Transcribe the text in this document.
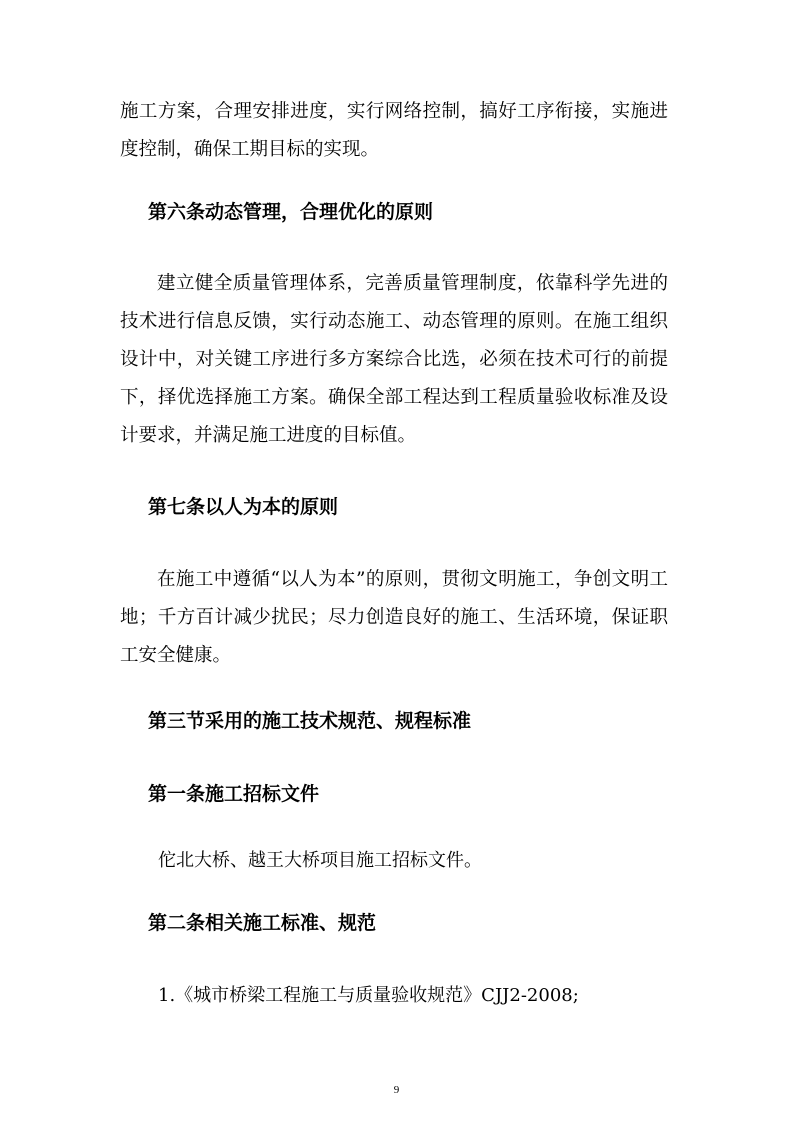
施工方案，合理安排进度，实行网络控制，搞好工序衔接，实施进度控制，确保工期目标的实现。

第六条动态管理，合理优化的原则

建立健全质量管理体系，完善质量管理制度，依靠科学先进的技术进行信息反馈，实行动态施工、动态管理的原则。在施工组织设计中，对关键工序进行多方案综合比选，必须在技术可行的前提下，择优选择施工方案。确保全部工程达到工程质量验收标准及设计要求，并满足施工进度的目标值。

第七条以人为本的原则

在施工中遵循“以人为本”的原则，贯彻文明施工，争创文明工地；千方百计减少扰民；尽力创造良好的施工、生活环境，保证职工安全健康。

第三节采用的施工技术规范、规程标准
第一条施工招标文件

佗北大桥、越王大桥项目施工招标文件。

第二条相关施工标准、规范

1.《城市桥梁工程施工与质量验收规范》CJJ2-2008;

9
